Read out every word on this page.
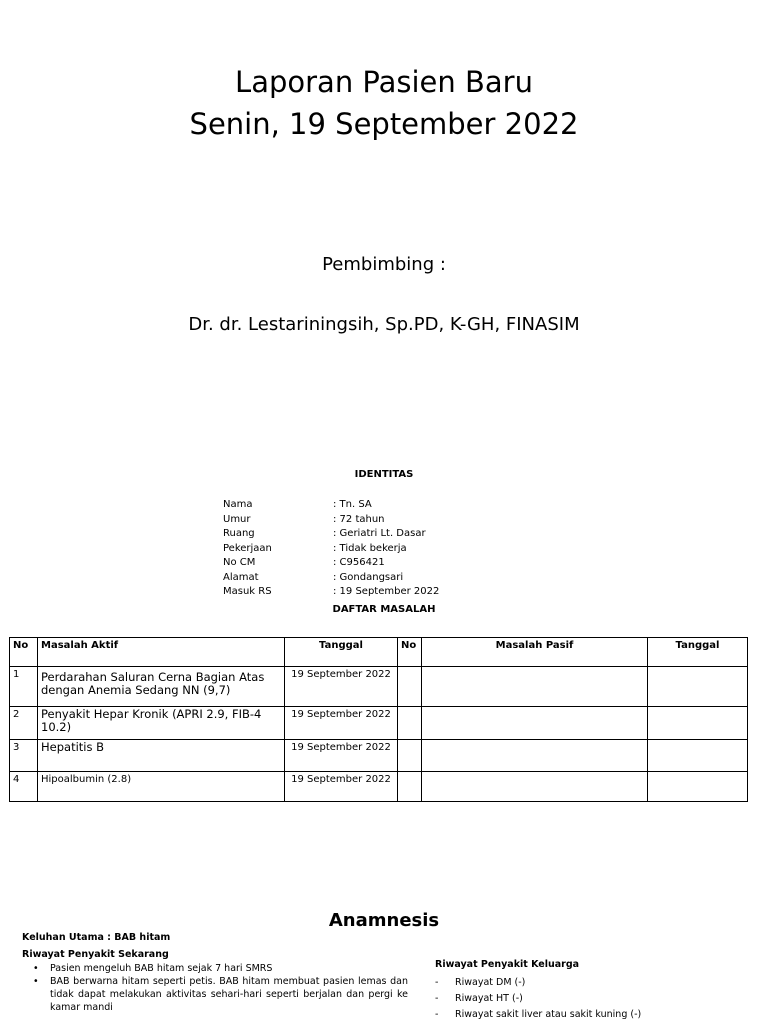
Laporan Pasien Baru
Senin, 19 September 2022
Pembimbing :
Dr. dr. Lestariningsih, Sp.PD, K-GH, FINASIM
IDENTITAS
Nama	: Tn. SA
Umur	: 72 tahun
Ruang	: Geriatri Lt. Dasar
Pekerjaan	: Tidak bekerja
No CM	: C956421
Alamat	: Gondangsari
Masuk RS	: 19 September 2022
DAFTAR MASALAH
No	Masalah Aktif	Tanggal	No	Masalah Pasif	Tanggal
1	Perdarahan Saluran Cerna Bagian Atas dengan Anemia Sedang NN (9,7)	19 September 2022			
2	Penyakit Hepar Kronik (APRI 2.9, FIB-4 10.2)	19 September 2022			
3	Hepatitis B	19 September 2022			
4	Hipoalbumin (2.8)	19 September 2022			
Anamnesis
Keluhan Utama : BAB hitam
Riwayat Penyakit Sekarang
• Pasien mengeluh BAB hitam sejak 7 hari SMRS
• BAB berwarna hitam seperti petis. BAB hitam membuat pasien lemas dan tidak dapat melakukan aktivitas sehari-hari seperti berjalan dan pergi ke kamar mandi
Riwayat Penyakit Keluarga
- Riwayat DM (-)
- Riwayat HT (-)
- Riwayat sakit liver atau sakit kuning (-)
